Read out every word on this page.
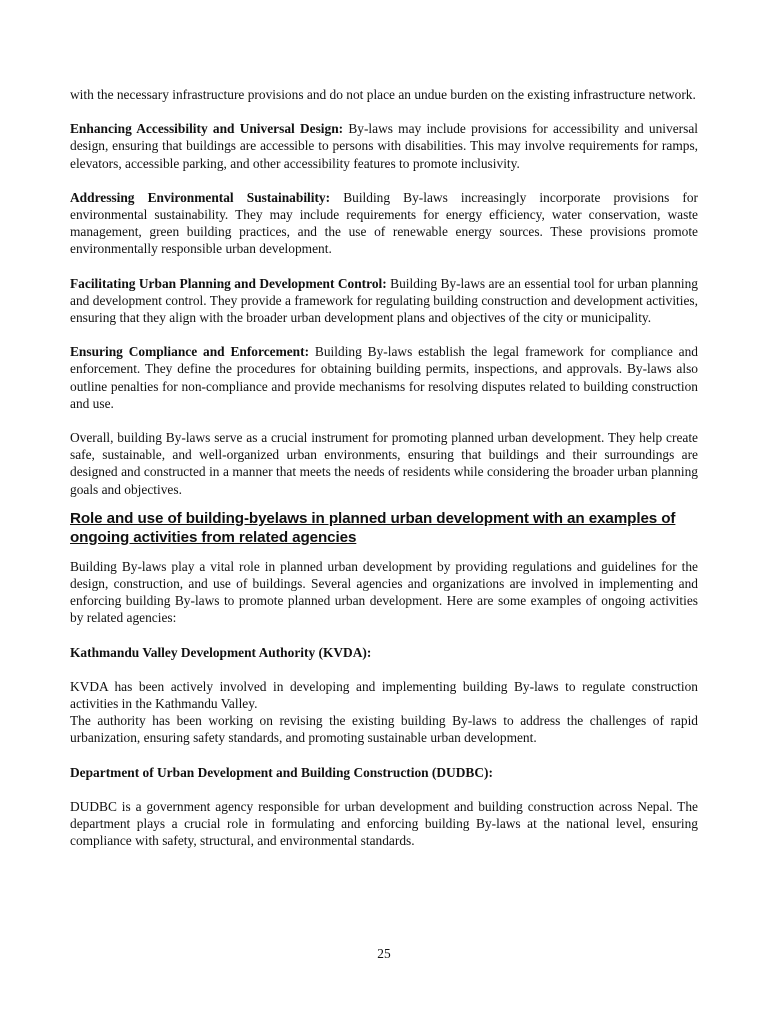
with the necessary infrastructure provisions and do not place an undue burden on the existing infrastructure network.

Enhancing Accessibility and Universal Design: By-laws may include provisions for accessibility and universal design, ensuring that buildings are accessible to persons with disabilities. This may involve requirements for ramps, elevators, accessible parking, and other accessibility features to promote inclusivity.

Addressing Environmental Sustainability: Building By-laws increasingly incorporate provisions for environmental sustainability. They may include requirements for energy efficiency, water conservation, waste management, green building practices, and the use of renewable energy sources. These provisions promote environmentally responsible urban development.

Facilitating Urban Planning and Development Control: Building By-laws are an essential tool for urban planning and development control. They provide a framework for regulating building construction and development activities, ensuring that they align with the broader urban development plans and objectives of the city or municipality.

Ensuring Compliance and Enforcement: Building By-laws establish the legal framework for compliance and enforcement. They define the procedures for obtaining building permits, inspections, and approvals. By-laws also outline penalties for non-compliance and provide mechanisms for resolving disputes related to building construction and use.

Overall, building By-laws serve as a crucial instrument for promoting planned urban development. They help create safe, sustainable, and well-organized urban environments, ensuring that buildings and their surroundings are designed and constructed in a manner that meets the needs of residents while considering the broader urban planning goals and objectives.

Role and use of building-byelaws in planned urban development with an examples of ongoing activities from related agencies

Building By-laws play a vital role in planned urban development by providing regulations and guidelines for the design, construction, and use of buildings. Several agencies and organizations are involved in implementing and enforcing building By-laws to promote planned urban development. Here are some examples of ongoing activities by related agencies:

Kathmandu Valley Development Authority (KVDA):

KVDA has been actively involved in developing and implementing building By-laws to regulate construction activities in the Kathmandu Valley.

The authority has been working on revising the existing building By-laws to address the challenges of rapid urbanization, ensuring safety standards, and promoting sustainable urban development.

Department of Urban Development and Building Construction (DUDBC):

DUDBC is a government agency responsible for urban development and building construction across Nepal. The department plays a crucial role in formulating and enforcing building By-laws at the national level, ensuring compliance with safety, structural, and environmental standards.

25
